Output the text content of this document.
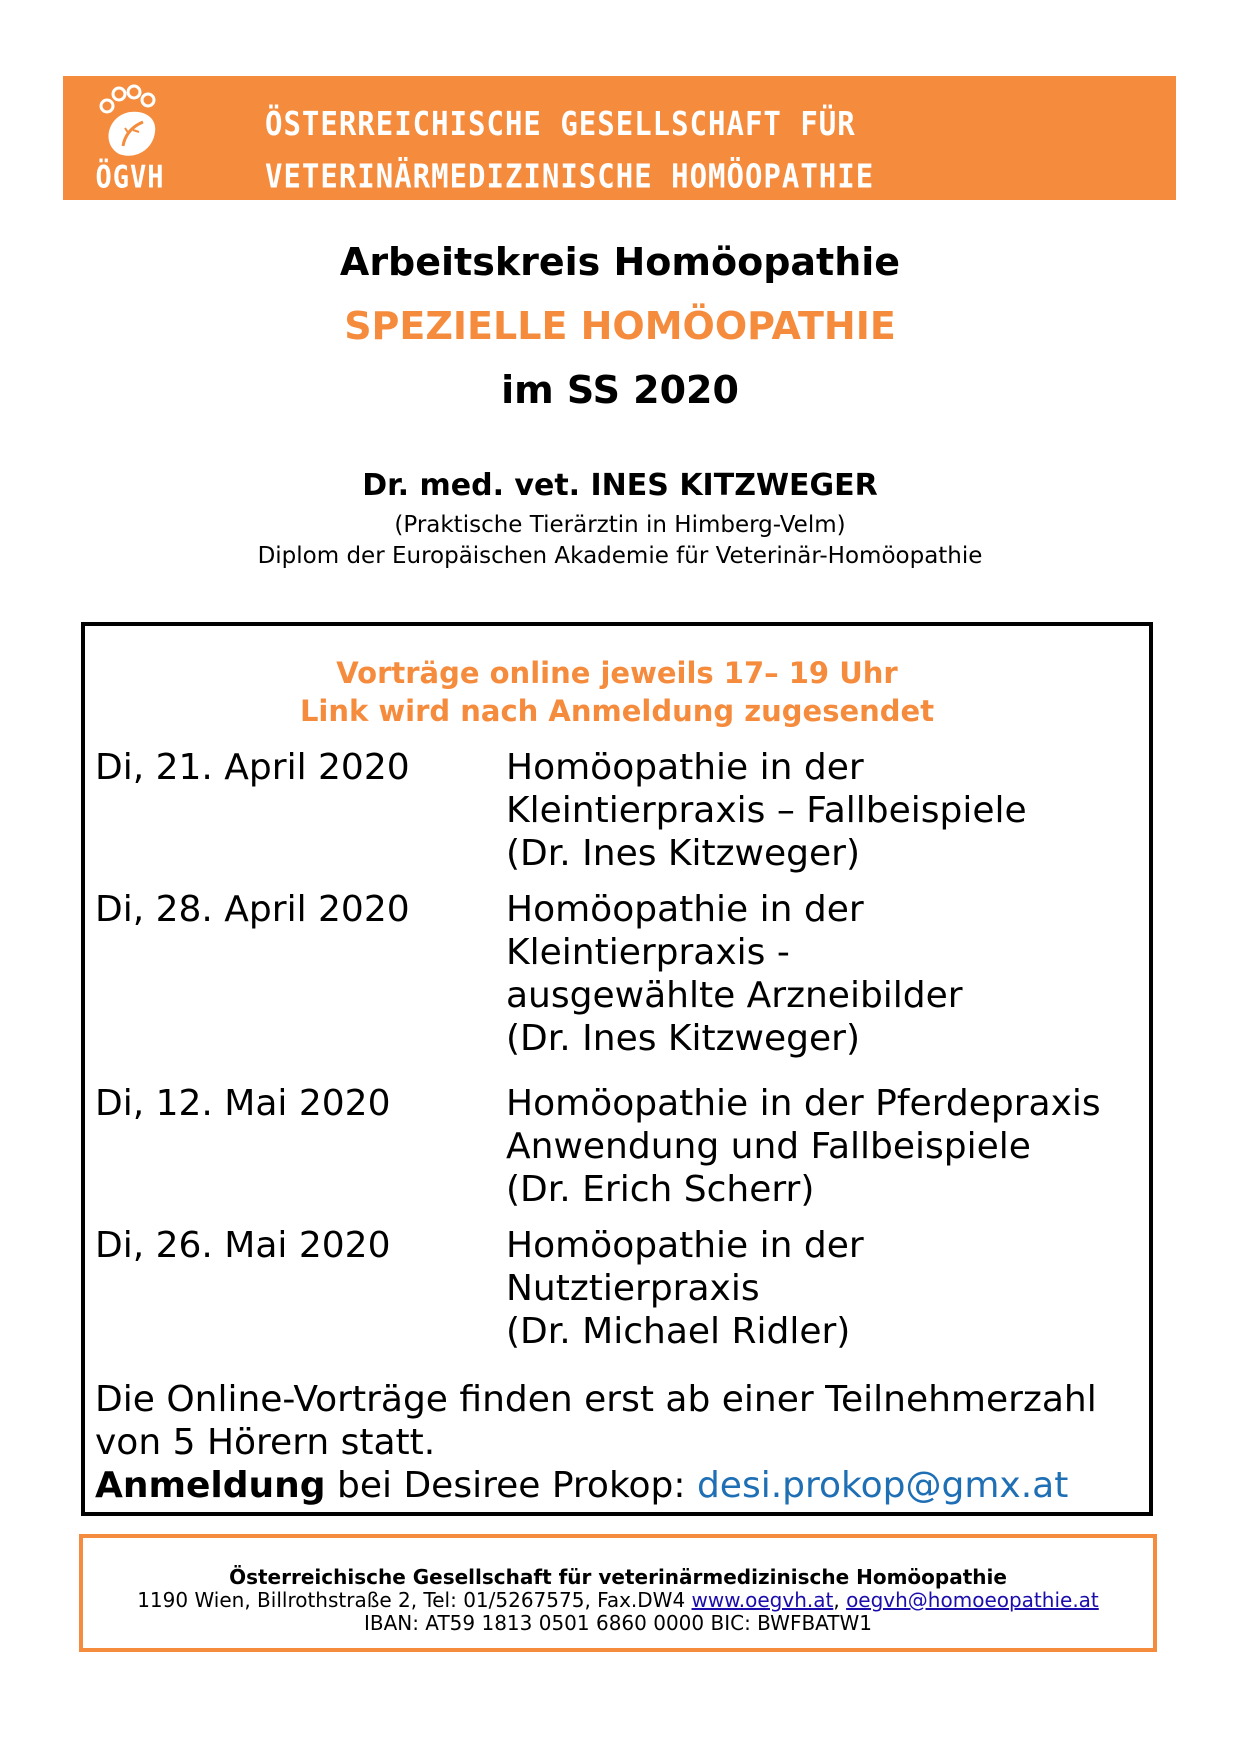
ÖGVH
ÖSTERREICHISCHE GESELLSCHAFT FÜR
VETERINÄRMEDIZINISCHE HOMÖOPATHIE
Arbeitskreis Homöopathie
SPEZIELLE HOMÖOPATHIE
im SS 2020
Dr. med. vet. INES KITZWEGER
(Praktische Tierärztin in Himberg-Velm)
Diplom der Europäischen Akademie für Veterinär-Homöopathie
Vorträge online jeweils 17– 19 Uhr
Link wird nach Anmeldung zugesendet
Di, 21. April 2020	Homöopathie in der
Kleintierpraxis – Fallbeispiele
(Dr. Ines Kitzweger)
Di, 28. April 2020	Homöopathie in der
Kleintierpraxis -
ausgewählte Arzneibilder
(Dr. Ines Kitzweger)
Di, 12. Mai 2020	Homöopathie in der Pferdepraxis
Anwendung und Fallbeispiele
(Dr. Erich Scherr)
Di, 26. Mai 2020	Homöopathie in der
Nutztierpraxis
(Dr. Michael Ridler)
Die Online-Vorträge finden erst ab einer Teilnehmerzahl
von 5 Hörern statt.
Anmeldung bei Desiree Prokop: desi.prokop@gmx.at
Österreichische Gesellschaft für veterinärmedizinische Homöopathie
1190 Wien, Billrothstraße 2, Tel: 01/5267575, Fax.DW4 www.oegvh.at, oegvh@homoeopathie.at
IBAN: AT59 1813 0501 6860 0000 BIC: BWFBATW1
